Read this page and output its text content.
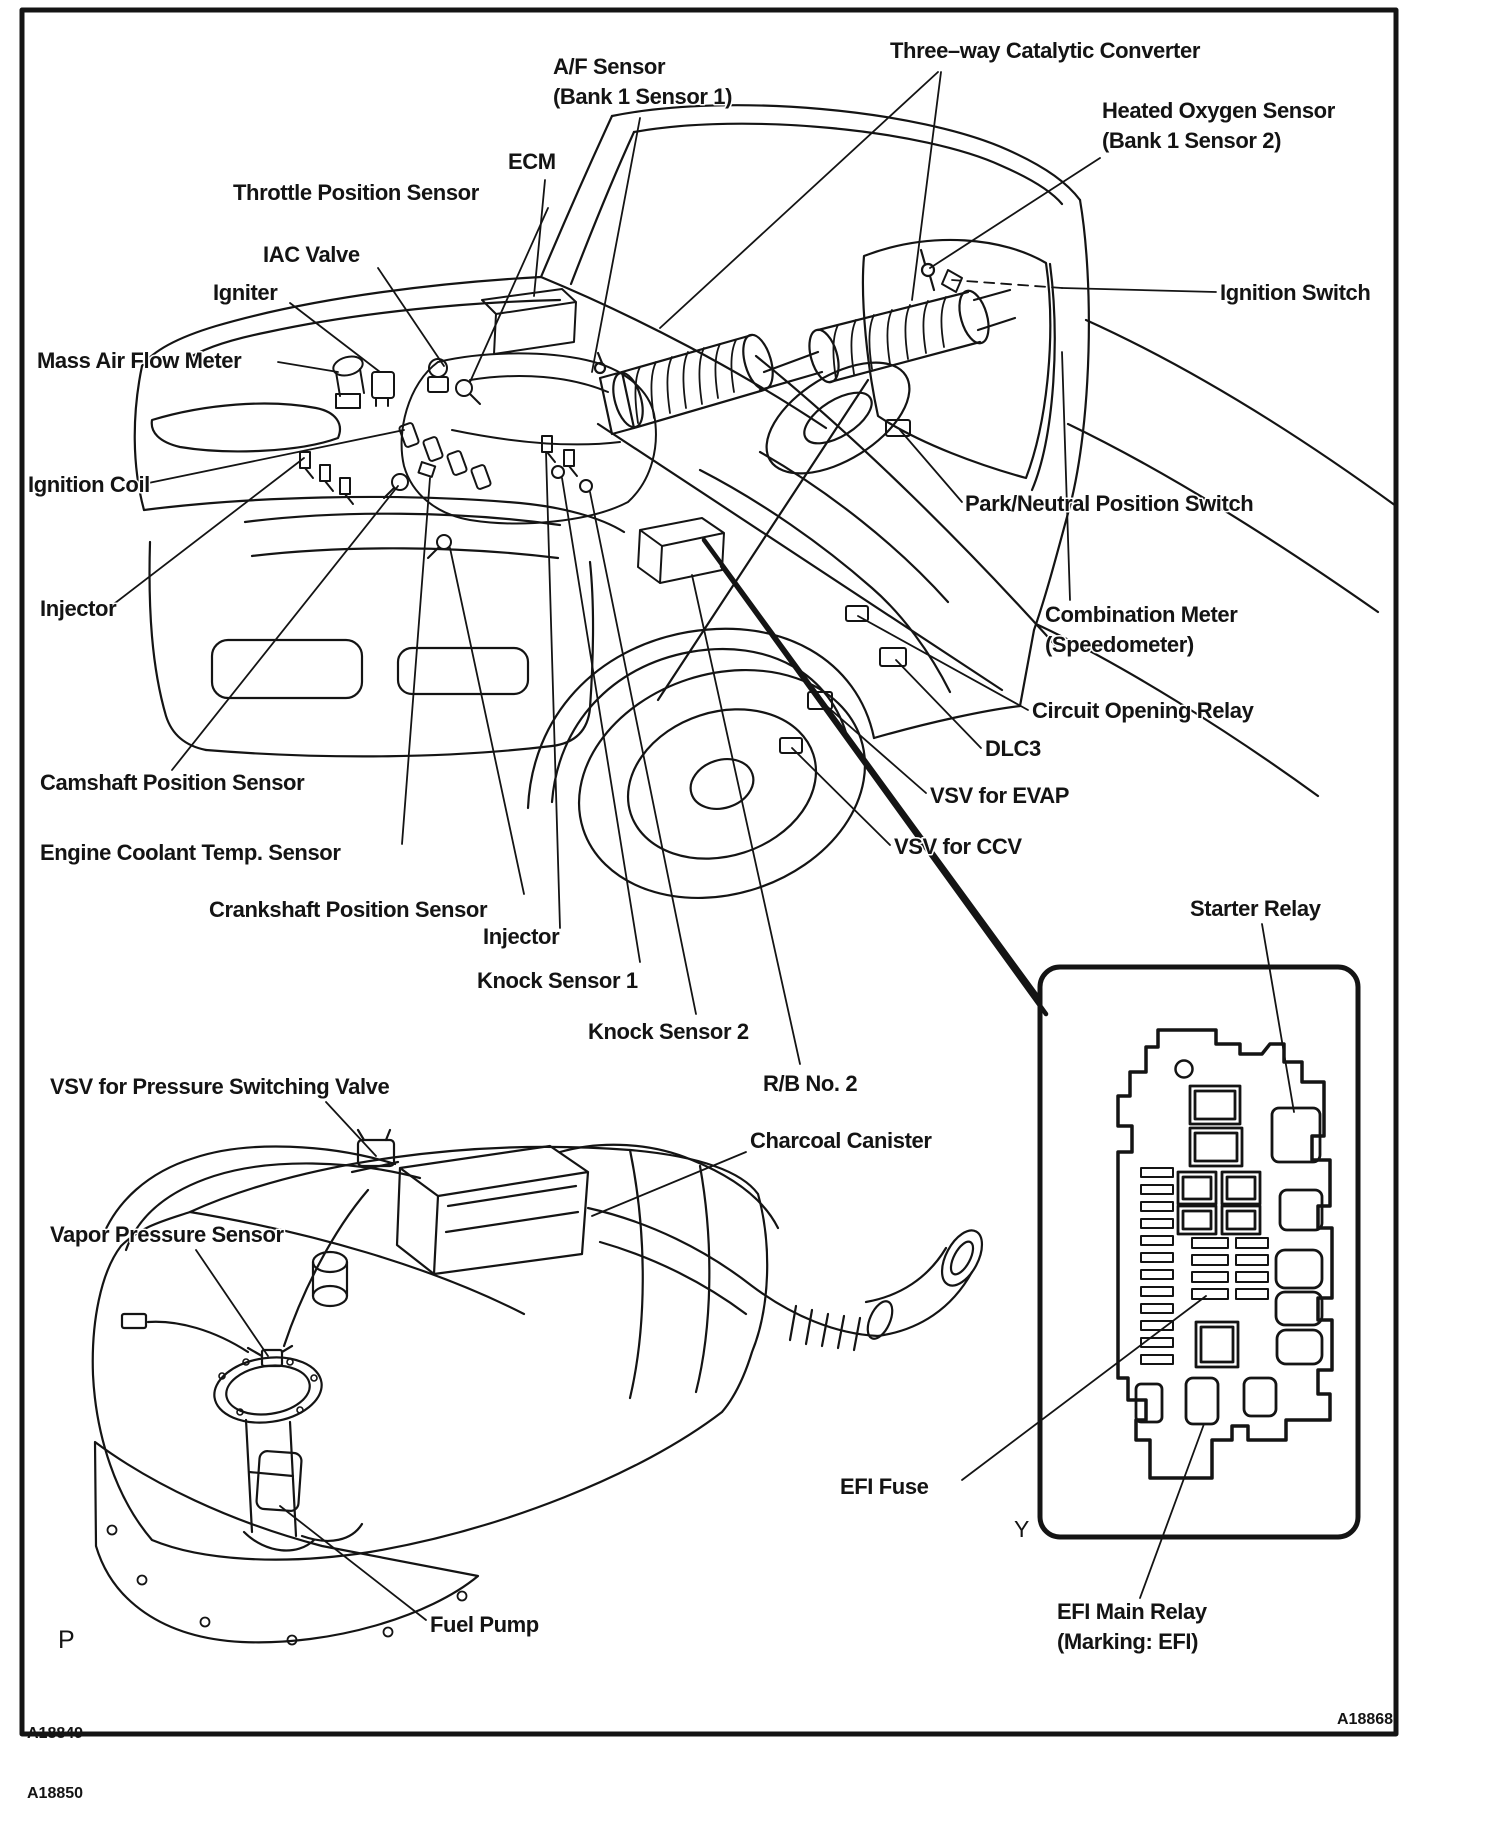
A/F Sensor (Bank 1 Sensor 1)
Three–way Catalytic Converter
Heated Oxygen Sensor (Bank 1 Sensor 2)
ECM
Throttle Position Sensor
IAC Valve
Igniter
Mass Air Flow Meter
Ignition Switch
Ignition Coil
Park/Neutral Position Switch
Injector	Combination Meter (Speedometer)
Circuit Opening Relay
DLC3
VSV for EVAP
VSV for CCV
Camshaft Position Sensor
Engine Coolant Temp. Sensor
Crankshaft Position Sensor
Injector
Knock Sensor 1
Knock Sensor 2
R/B No. 2
Starter Relay
VSV for Pressure Switching Valve
Charcoal Canister
Vapor Pressure Sensor
EFI Fuse
Fuel Pump
EFI Main Relay (Marking: EFI)
P
Y

A18849

A18850

A18868
